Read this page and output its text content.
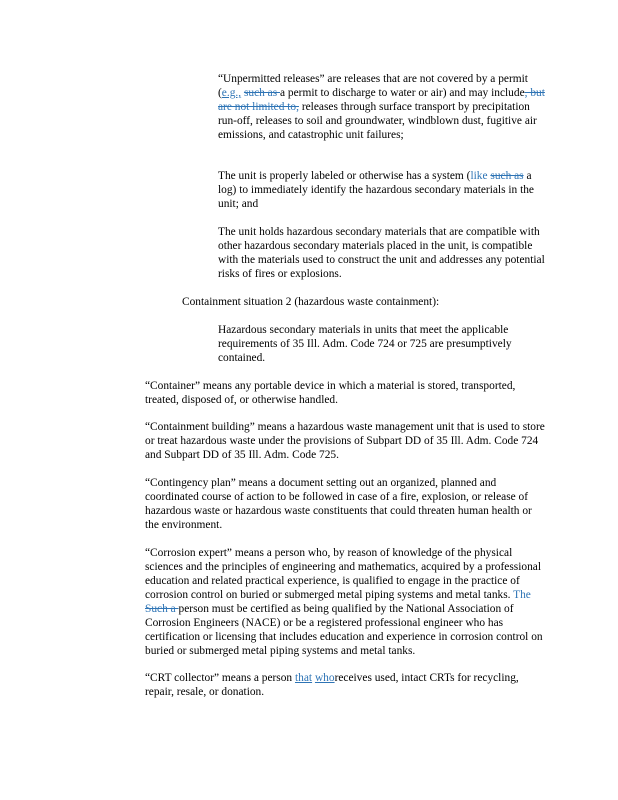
“Unpermitted releases” are releases that are not covered by a permit (e.g., such as a permit to discharge to water or air) and may include, but are not limited to, releases through surface transport by precipitation run-off, releases to soil and groundwater, windblown dust, fugitive air emissions, and catastrophic unit failures;

The unit is properly labeled or otherwise has a system (like such as a log) to immediately identify the hazardous secondary materials in the unit; and

The unit holds hazardous secondary materials that are compatible with other hazardous secondary materials placed in the unit, is compatible with the materials used to construct the unit and addresses any potential risks of fires or explosions.

Containment situation 2 (hazardous waste containment):

Hazardous secondary materials in units that meet the applicable requirements of 35 Ill. Adm. Code 724 or 725 are presumptively contained.

“Container” means any portable device in which a material is stored, transported, treated, disposed of, or otherwise handled.

“Containment building” means a hazardous waste management unit that is used to store or treat hazardous waste under the provisions of Subpart DD of 35 Ill. Adm. Code 724 and Subpart DD of 35 Ill. Adm. Code 725.

“Contingency plan” means a document setting out an organized, planned and coordinated course of action to be followed in case of a fire, explosion, or release of hazardous waste or hazardous waste constituents that could threaten human health or the environment.

“Corrosion expert” means a person who, by reason of knowledge of the physical sciences and the principles of engineering and mathematics, acquired by a professional education and related practical experience, is qualified to engage in the practice of corrosion control on buried or submerged metal piping systems and metal tanks. The Such a person must be certified as being qualified by the National Association of Corrosion Engineers (NACE) or be a registered professional engineer who has certification or licensing that includes education and experience in corrosion control on buried or submerged metal piping systems and metal tanks.

“CRT collector” means a person that whoreceives used, intact CRTs for recycling, repair, resale, or donation.
